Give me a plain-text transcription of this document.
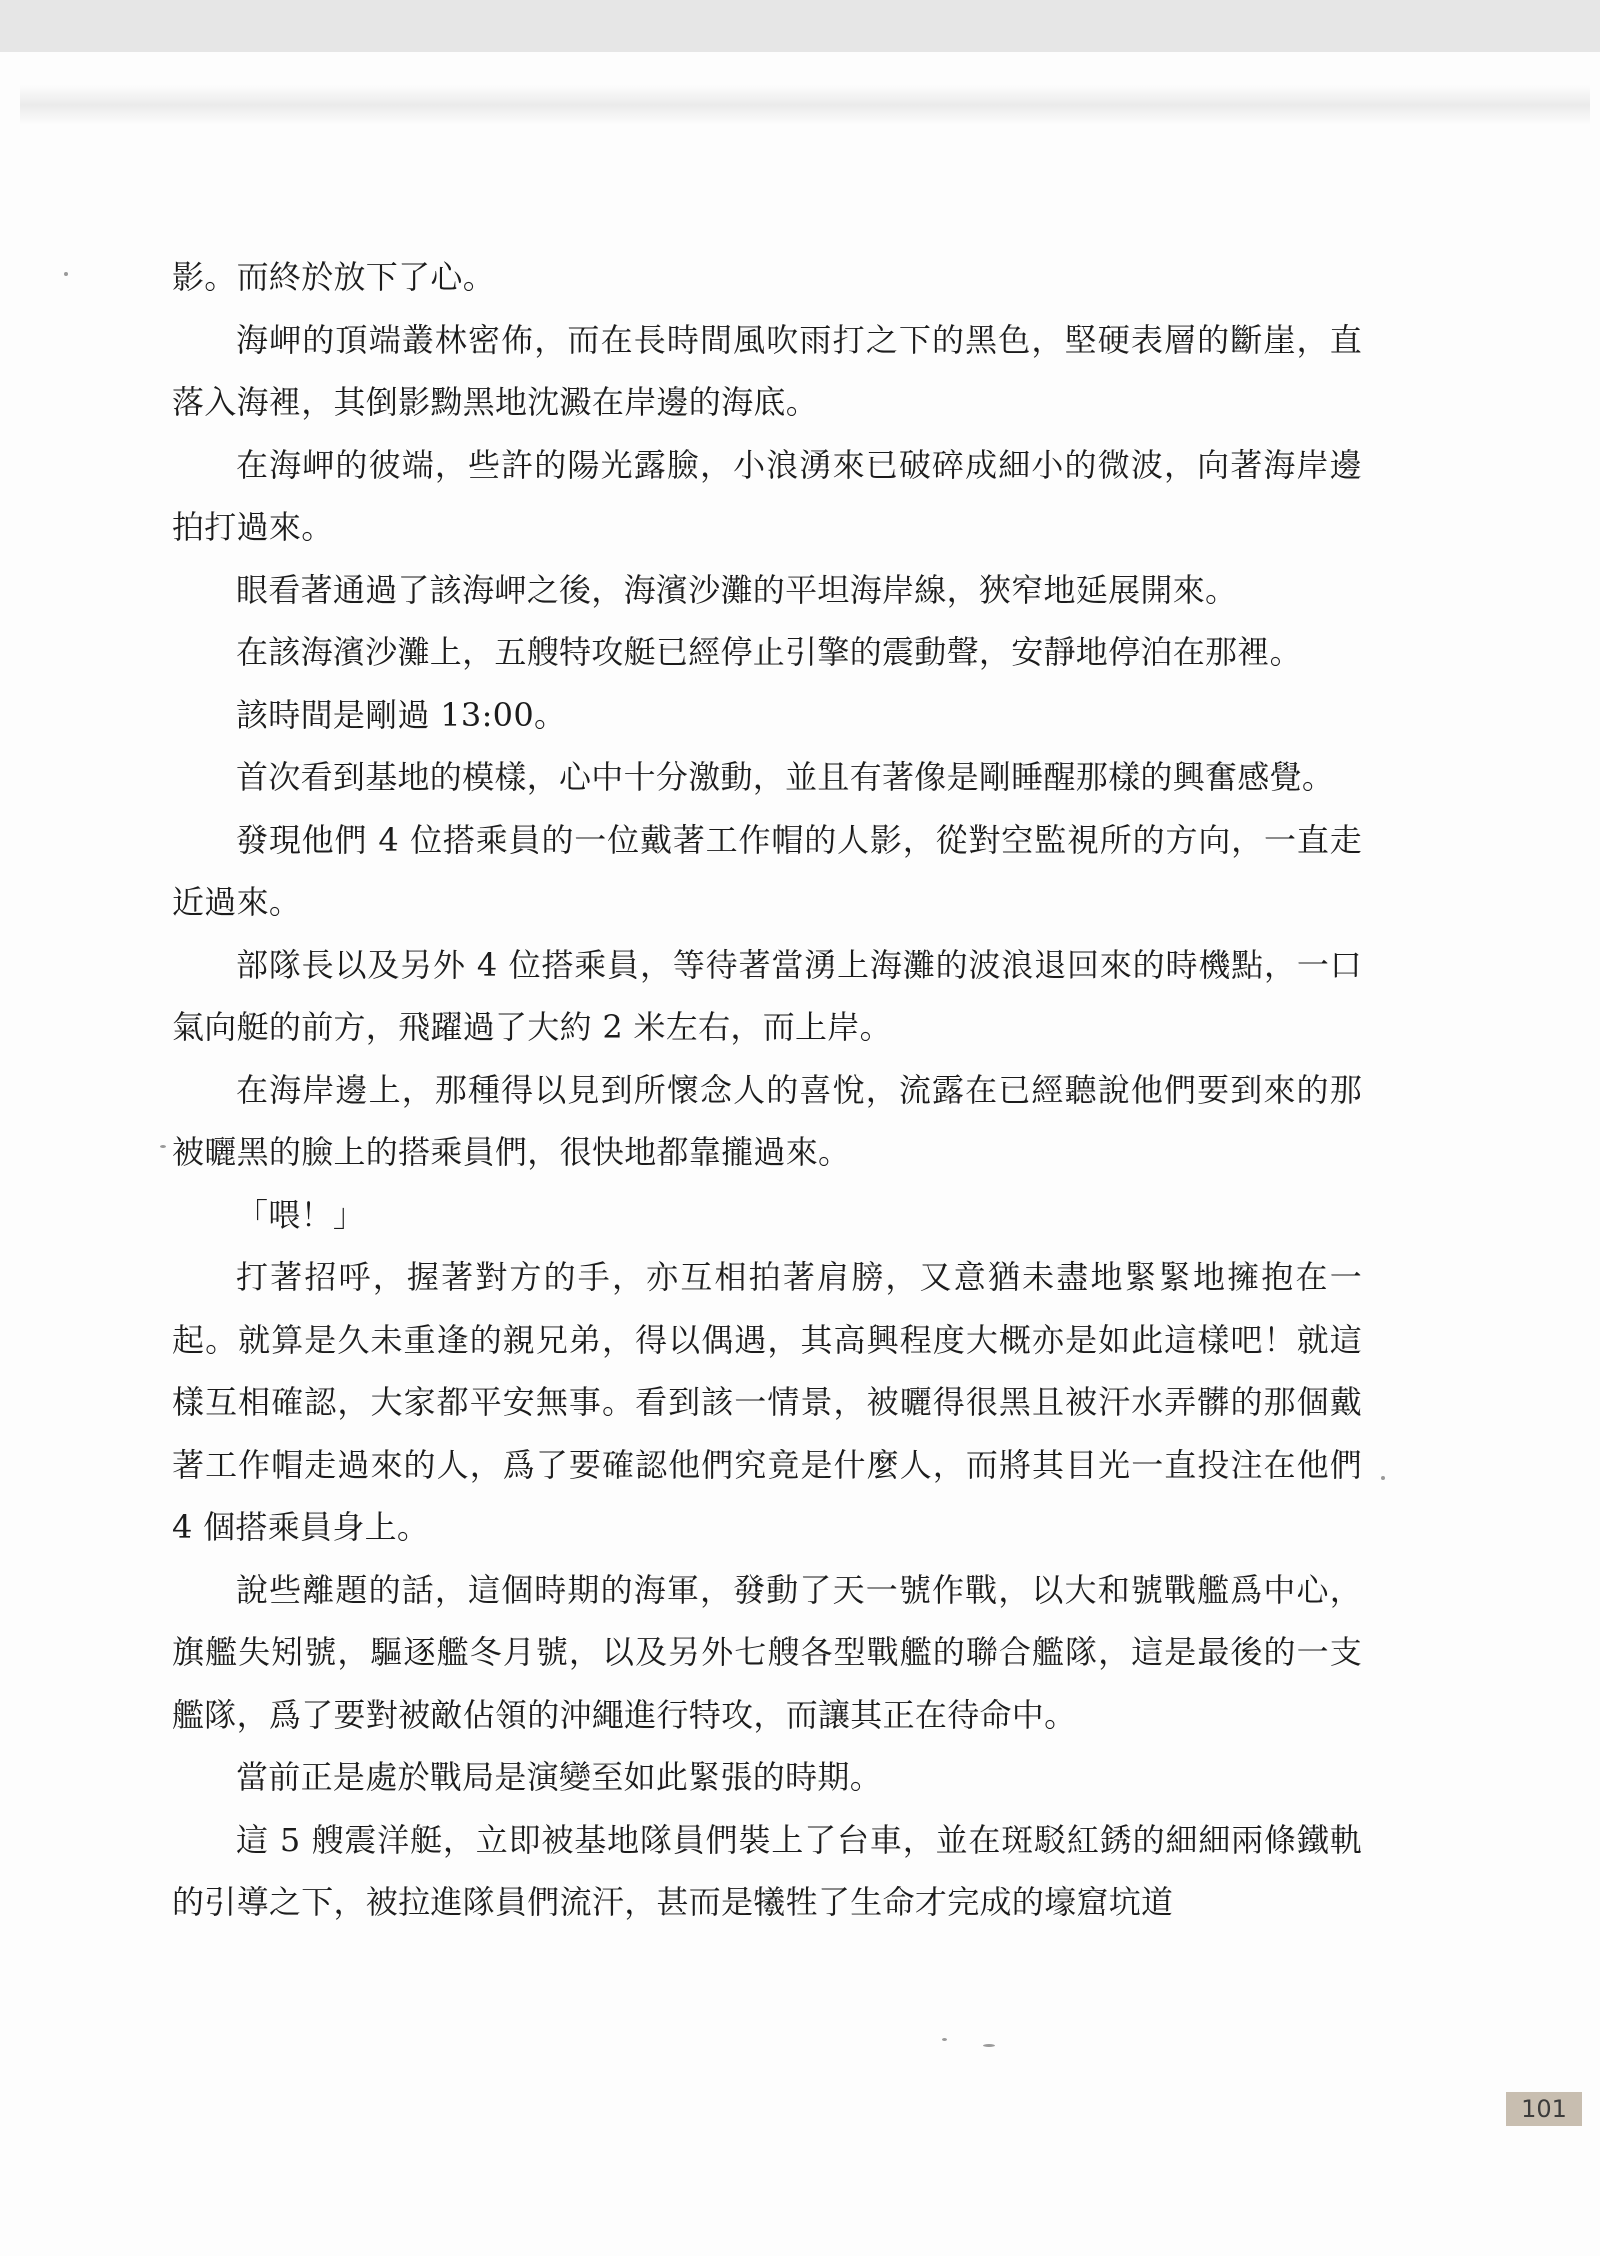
影。而終於放下了心。

海岬的頂端叢林密佈，而在長時間風吹雨打之下的黑色，堅硬表層的斷崖，直落入海裡，其倒影黝黑地沈澱在岸邊的海底。

在海岬的彼端，些許的陽光露臉，小浪湧來已破碎成細小的微波，向著海岸邊拍打過來。

眼看著通過了該海岬之後，海濱沙灘的平坦海岸線，狹窄地延展開來。

在該海濱沙灘上，五艘特攻艇已經停止引擎的震動聲，安靜地停泊在那裡。

該時間是剛過 13:00。

首次看到基地的模樣，心中十分激動，並且有著像是剛睡醒那樣的興奮感覺。

發現他們 4 位搭乘員的一位戴著工作帽的人影，從對空監視所的方向，一直走近過來。

部隊長以及另外 4 位搭乘員，等待著當湧上海灘的波浪退回來的時機點，一口氣向艇的前方，飛躍過了大約 2 米左右，而上岸。

在海岸邊上，那種得以見到所懷念人的喜悅，流露在已經聽說他們要到來的那被曬黑的臉上的搭乘員們，很快地都靠攏過來。

「喂！」

打著招呼，握著對方的手，亦互相拍著肩膀，又意猶未盡地緊緊地擁抱在一起。就算是久未重逢的親兄弟，得以偶遇，其高興程度大概亦是如此這樣吧！就這樣互相確認，大家都平安無事。看到該一情景，被曬得很黑且被汗水弄髒的那個戴著工作帽走過來的人，爲了要確認他們究竟是什麼人，而將其目光一直投注在他們 4 個搭乘員身上。

說些離題的話，這個時期的海軍，發動了天一號作戰，以大和號戰艦爲中心，旗艦失矧號，驅逐艦冬月號，以及另外七艘各型戰艦的聯合艦隊，這是最後的一支艦隊，爲了要對被敵佔領的沖繩進行特攻，而讓其正在待命中。

當前正是處於戰局是演變至如此緊張的時期。

這 5 艘震洋艇，立即被基地隊員們裝上了台車，並在斑駁紅銹的細細兩條鐵軌的引導之下，被拉進隊員們流汗，甚而是犧牲了生命才完成的壕窟坑道

101
